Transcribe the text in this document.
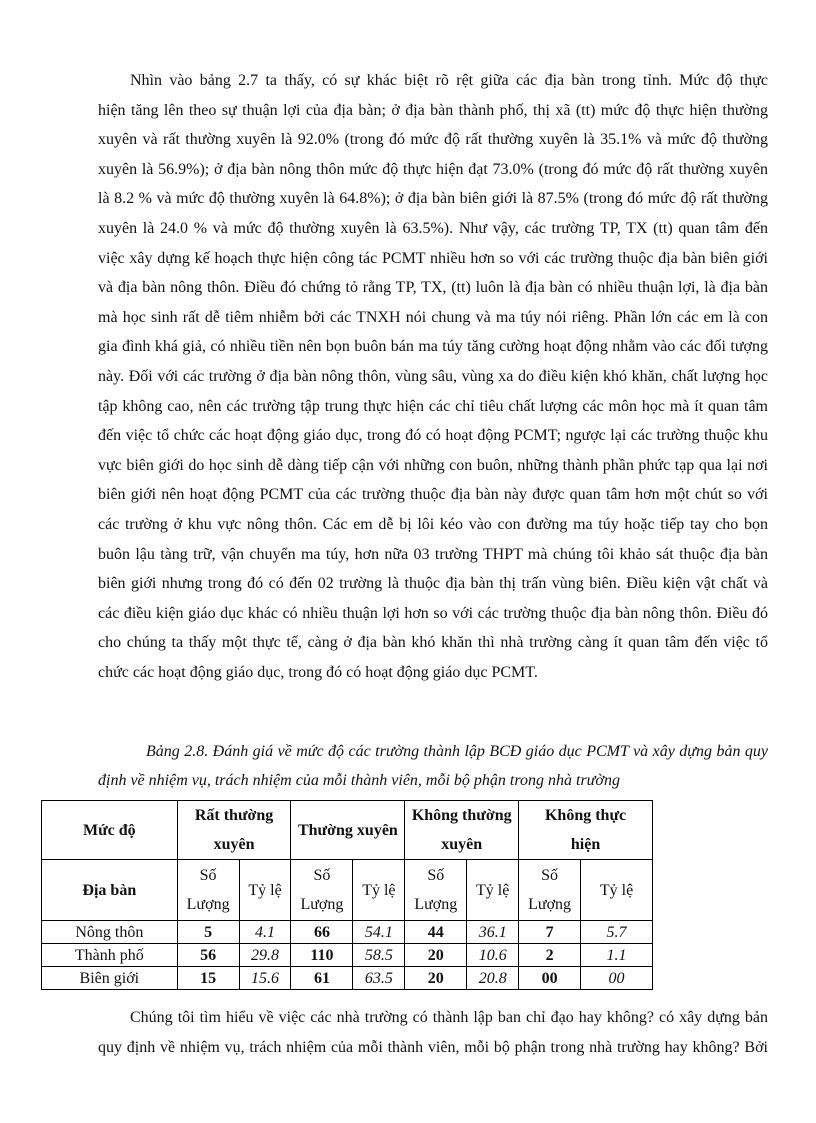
Nhìn vào bảng 2.7 ta thấy, có sự khác biệt rõ rệt giữa các địa bàn trong tỉnh. Mức độ thực
hiện tăng lên theo sự thuận lợi của địa bàn; ở địa bàn thành phố, thị xã (tt) mức độ thực hiện thường
xuyên và rất thường xuyên là 92.0% (trong đó mức độ rất thường xuyên là 35.1% và mức độ thường
xuyên là 56.9%); ở địa bàn nông thôn mức độ thực hiện đạt 73.0% (trong đó mức độ rất thường xuyên
là 8.2 % và mức độ thường xuyên là 64.8%); ở địa bàn biên giới là 87.5% (trong đó mức độ rất thường
xuyên là 24.0 % và mức độ thường xuyên là 63.5%). Như vậy, các trường TP, TX (tt) quan tâm đến
việc xây dựng kế hoạch thực hiện công tác PCMT nhiều hơn so với các trường thuộc địa bàn biên giới
và địa bàn nông thôn. Điều đó chứng tỏ rằng TP, TX, (tt) luôn là địa bàn có nhiều thuận lợi, là địa bàn
mà học sinh rất dễ tiêm nhiễm bởi các TNXH nói chung và ma túy nói riêng. Phần lớn các em là con
gia đình khá giả, có nhiều tiền nên bọn buôn bán ma túy tăng cường hoạt động nhằm vào các đối tượng
này. Đối với các trường ở địa bàn nông thôn, vùng sâu, vùng xa do điều kiện khó khăn, chất lượng học
tập không cao, nên các trường tập trung thực hiện các chỉ tiêu chất lượng các môn học mà ít quan tâm
đến việc tổ chức các hoạt động giáo dục, trong đó có hoạt động PCMT; ngược lại các trường thuộc khu
vực biên giới do học sinh dễ dàng tiếp cận với những con buôn, những thành phần phức tạp qua lại nơi
biên giới nên hoạt động PCMT của các trường thuộc địa bàn này được quan tâm hơn một chút so với
các trường ở khu vực nông thôn. Các em dễ bị lôi kéo vào con đường ma túy hoặc tiếp tay cho bọn
buôn lậu tàng trữ, vận chuyển ma túy, hơn nữa 03 trường THPT mà chúng tôi khảo sát thuộc địa bàn
biên giới nhưng trong đó có đến 02 trường là thuộc địa bàn thị trấn vùng biên. Điều kiện vật chất và
các điều kiện giáo dục khác có nhiều thuận lợi hơn so với các trường thuộc địa bàn nông thôn. Điều đó
cho chúng ta thấy một thực tế, càng ở địa bàn khó khăn thì nhà trường càng ít quan tâm đến việc tổ
chức các hoạt động giáo dục, trong đó có hoạt động giáo dục PCMT.

Bảng 2.8. Đánh giá về mức độ các trường thành lập BCĐ giáo dục PCMT và xây dựng bản quy
định về nhiệm vụ, trách nhiệm của mỗi thành viên, mỗi bộ phận trong nhà trường

Mức độ	Rất thường
xuyên		Thường xuyên		Không thường
xuyên		Không thực
hiện	
Địa bàn	Số
Lượng	Tỷ lệ	Số
Lượng	Tỷ lệ	Số
Lượng	Tỷ lệ	Số
Lượng	Tỷ lệ
Nông thôn	5	4.1	66	54.1	44	36.1	7	5.7
Thành phố	56	29.8	110	58.5	20	10.6	2	1.1
Biên giới	15	15.6	61	63.5	20	20.8	00	00

Chúng tôi tìm hiểu về việc các nhà trường có thành lập ban chỉ đạo hay không? có xây dựng bản
quy định về nhiệm vụ, trách nhiệm của mỗi thành viên, mỗi bộ phận trong nhà trường hay không? Bởi
